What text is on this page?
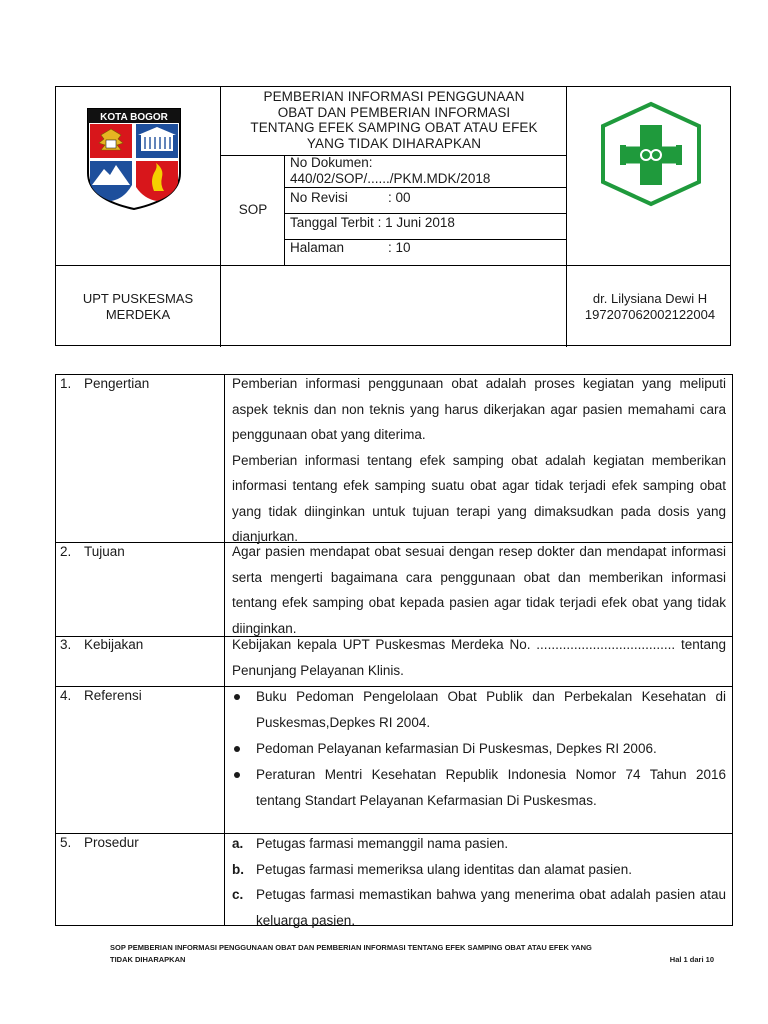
KOTA BOGOR
PEMBERIAN INFORMASI PENGGUNAAN
OBAT DAN PEMBERIAN INFORMASI
TENTANG EFEK SAMPING OBAT ATAU EFEK
YANG TIDAK DIHARAPKAN
SOP
No Dokumen:
440/02/SOP/....../PKM.MDK/2018
No Revisi	: 00
Tanggal Terbit : 1 Juni 2018
Halaman	: 10
UPT PUSKESMAS
MERDEKA
dr. Lilysiana Dewi H
197207062002122004
1. Pengertian	Pemberian informasi penggunaan obat adalah proses kegiatan yang meliputi aspek teknis dan non teknis yang harus dikerjakan agar pasien memahami cara penggunaan obat yang diterima.
Pemberian informasi tentang efek samping obat adalah kegiatan memberikan informasi tentang efek samping suatu obat agar tidak terjadi efek samping obat yang tidak diinginkan untuk tujuan terapi yang dimaksudkan pada dosis yang dianjurkan.
2. Tujuan	Agar pasien mendapat obat sesuai dengan resep dokter dan mendapat informasi serta mengerti bagaimana cara penggunaan obat dan memberikan informasi tentang efek samping obat kepada pasien agar tidak terjadi efek obat yang tidak diinginkan.
3. Kebijakan	Kebijakan kepala UPT Puskesmas Merdeka No. ..................................... tentang Penunjang Pelayanan Klinis.
4. Referensi	Buku Pedoman Pengelolaan Obat Publik dan Perbekalan Kesehatan di Puskesmas,Depkes RI 2004.
Pedoman Pelayanan kefarmasian Di Puskesmas, Depkes RI 2006.
Peraturan Mentri Kesehatan Republik Indonesia Nomor 74 Tahun 2016 tentang Standart Pelayanan Kefarmasian Di Puskesmas.
5. Prosedur	a. Petugas farmasi memanggil nama pasien.
b. Petugas farmasi memeriksa ulang identitas dan alamat pasien.
c. Petugas farmasi memastikan bahwa yang menerima obat adalah pasien atau keluarga pasien.
SOP PEMBERIAN INFORMASI PENGGUNAAN OBAT DAN PEMBERIAN INFORMASI TENTANG EFEK SAMPING OBAT ATAU EFEK YANG
TIDAK DIHARAPKAN	Hal 1 dari 10
